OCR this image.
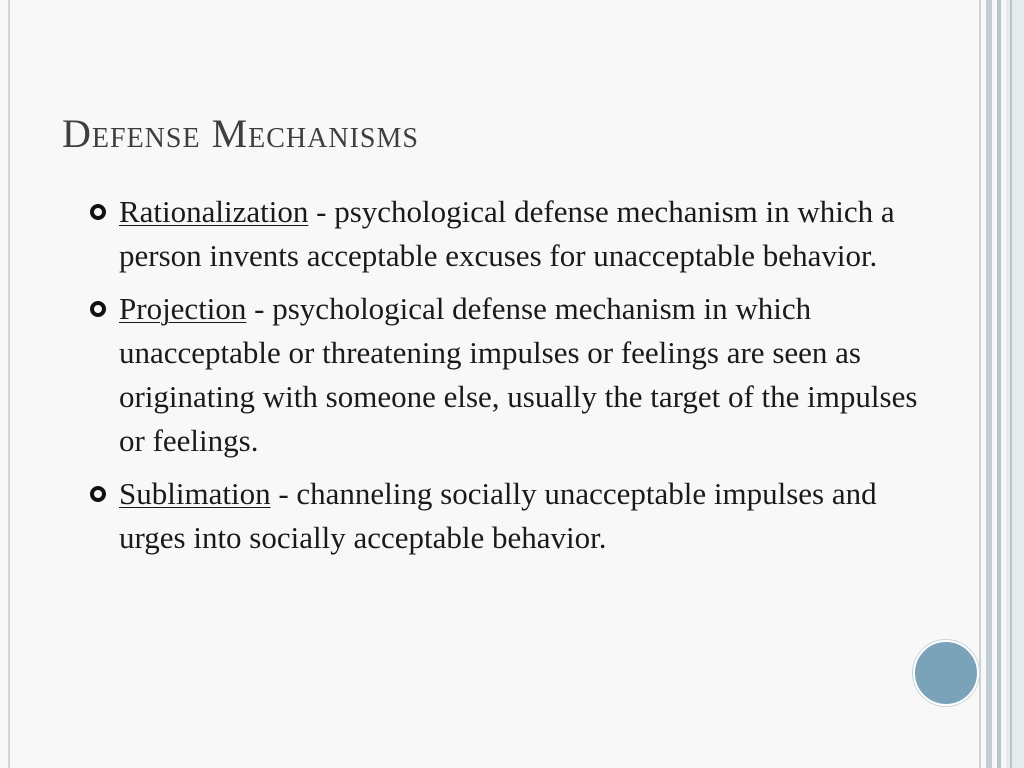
Defense Mechanisms
Rationalization - psychological defense mechanism in which a person invents acceptable excuses for unacceptable behavior.
Projection - psychological defense mechanism in which unacceptable or threatening impulses or feelings are seen as originating with someone else, usually the target of the impulses or feelings.
Sublimation - channeling socially unacceptable impulses and urges into socially acceptable behavior.
